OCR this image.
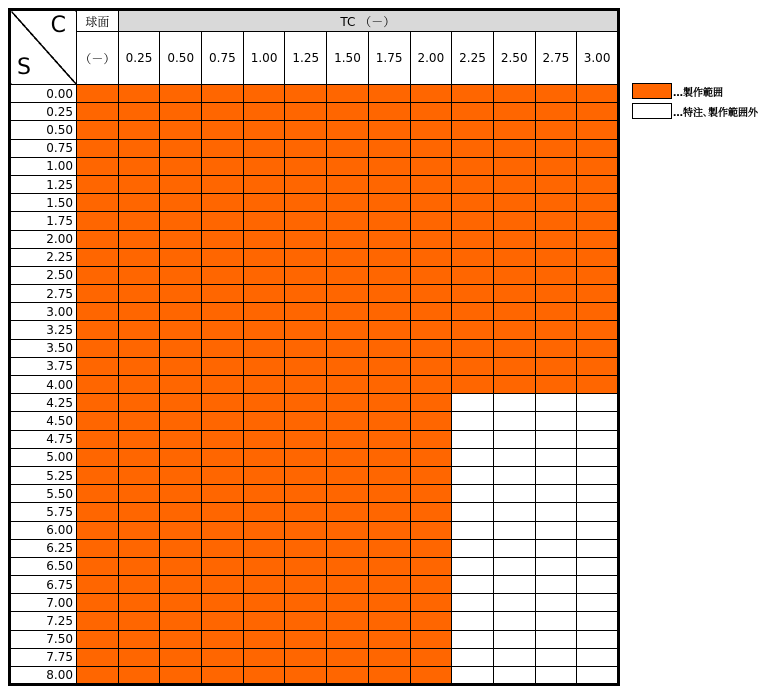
C
S	球面	TC （－）											
	（－）	0.25	0.50	0.75	1.00	1.25	1.50	1.75	2.00	2.25	2.50	2.75	3.00
0.00													
0.25													
0.50													
0.75													
1.00													
1.25													
1.50													
1.75													
2.00													
2.25													
2.50													
2.75													
3.00													
3.25													
3.50													
3.75													
4.00													
4.25													
4.50													
4.75													
5.00													
5.25													
5.50													
5.75													
6.00													
6.25													
6.50													
6.75													
7.00													
7.25													
7.50													
7.75													
8.00													
…製作範囲
…特注､製作範囲外
